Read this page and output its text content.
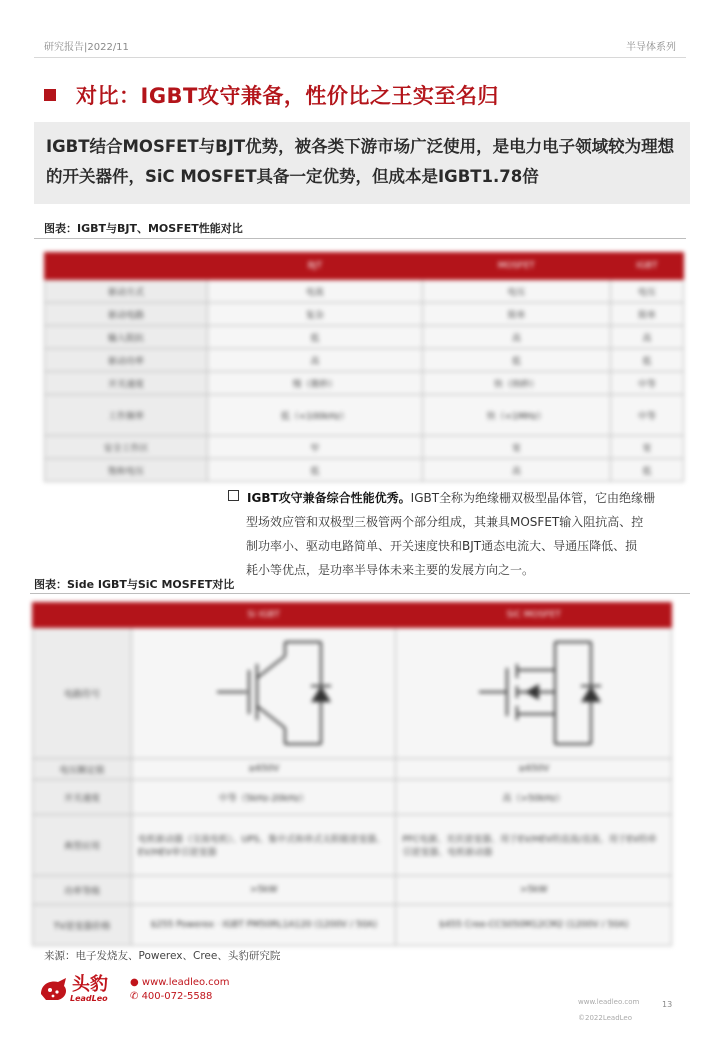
研究报告|2022/11	半导体系列
对比：IGBT攻守兼备，性价比之王实至名归

IGBT结合MOSFET与BJT优势，被各类下游市场广泛使用，是电力电子领域较为理想的开关器件，SiC MOSFET具备一定优势，但成本是IGBT1.78倍

图表：IGBT与BJT、MOSFET性能对比
	BJT	MOSFET	IGBT
驱动方式	电流	电压	电压
驱动电路	复杂	简单	简单
输入阻抗	低	高	高
驱动功率	高	低	低
开关速度	慢（微秒）	快（纳秒）	中等
工作频率	低（<100kHz）	快（<1MHz）	中等
安全工作区	窄	宽	宽
饱和电压	低	高	低
IGBT攻守兼备综合性能优秀。IGBT全称为绝缘栅双极型晶体管，它由绝缘栅
型场效应管和双极型三极管两个部分组成，其兼具MOSFET输入阻抗高、控
制功率小、驱动电路简单、开关速度快和BJT通态电流大、导通压降低、损
耗小等优点，是功率半导体未来主要的发展方向之一。
图表：Side IGBT与SiC MOSFET对比
	Si IGBT	SiC MOSFET
电路符号		
电压额定值	≥650V	≥650V
开关速度	中等（5kHz-20kHz）	高（>50kHz）
典型应用	电机驱动器（交流电机）、UPS、集中式和串式太阳能逆变器、EV/HEV牵引逆变器	PFC电源、光伏逆变器、用于EV/HEV的直流/直流、用于EV的牵引逆变器、电机驱动器
功率等级	>5kW	>5kW
TV逆变器价格	$255 Powerex · IGBT PM50RL1A120 (1200V / 50A)	$455 Cree-CCS050M12CM2 (1200V / 50A)
来源：电子发烧友、Powerex、Cree、头豹研究院
头豹
LeadLeo
● www.leadleo.com
✆ 400-072-5588	www.leadleo.com
©2022LeadLeo
13
